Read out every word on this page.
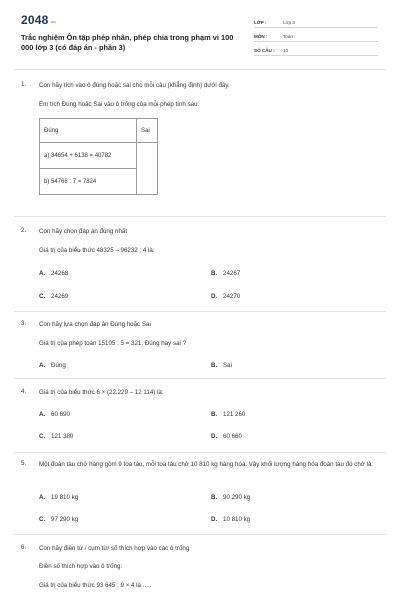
2048.vn
Trắc nghiệm Ôn tập phép nhân, phép chia trong phạm vi 100 000 lớp 3 (có đáp án - phần 3)
LỚP :	Lớp 3
MÔN :	Toán
SỐ CÂU :	10
1. Con hãy tích vào ô đúng hoặc sai cho mỗi câu (khẳng định) dưới đây.
Em tích Đúng hoặc Sai vào ô trống của mỗi phép tính sau:
Đúng	Sai
a) 34654 + 6138 = 40782	
b) 54768 : 7 = 7824	
2. Con hãy chọn đáp án đúng nhất
Giá trị của biểu thức 48325 – 96232 : 4 là:
A. 24268	B. 24267
C. 24269	D. 24270
3. Con hãy lựa chọn đáp án Đúng hoặc Sai
Giá trị của phép toán 15105 : 5 = 321. Đúng hay sai ?
A. Đúng	B. Sai
4. Giá trị của biểu thức 6 × (22.229 – 12 114) là:
A. 60 690	B. 121 260
C. 121 380	D. 60 660
5. Một đoàn tàu chở hàng gồm 9 toa tàu, mỗi toa tàu chở 10 810 kg hàng hóa. Vậy khối lượng hàng hóa đoàn tàu đó chở là:
A. 19 810 kg	B. 90 290 kg
C. 97 290 kg	D. 10 810 kg
6. Con hãy điền từ / cụm từ/ số thích hợp vào các ô trống
Điền số thích hợp vào ô trống:
Giá trị của biểu thức 93 645 : 9 × 4 là .....
